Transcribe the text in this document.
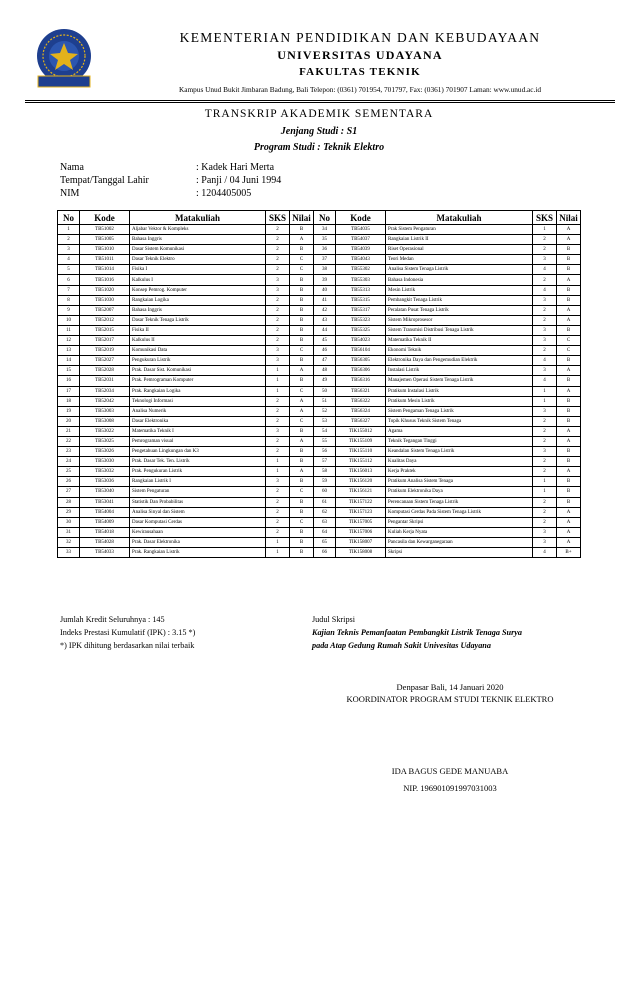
KEMENTERIAN PENDIDIKAN DAN KEBUDAYAAN
UNIVERSITAS UDAYANA
FAKULTAS TEKNIK
Kampus Unud Bukit Jimbaran Badung, Bali Telepon: (0361) 701954, 701797, Fax: (0361) 701907 Laman: www.unud.ac.id
TRANSKRIP AKADEMIK SEMENTARA
Jenjang Studi : S1
Program Studi : Teknik Elektro
Nama	: Kadek Hari Merta
Tempat/Tanggal Lahir	: Panji / 04 Juni 1994
NIM	: 1204405005
No	Kode	Matakuliah	SKS	Nilai	No	Kode	Matakuliah	SKS	Nilai
1	TB51002	Aljabar Vektor & Kompleks	2	B	34	TB54035	Prak Sistem Pengaturan	1	A
2	TB51005	Bahasa Inggris	2	A	35	TB54037	Rangkaian Listrik II	2	A
3	TB51010	Dasar Sistem Komunikasi	2	B	36	TB54039	Riset Operasional	2	B
4	TB51011	Dasar Teknik Elektro	2	C	37	TB54043	Teori Medan	3	B
5	TB51014	Fisika I	2	C	38	TB55302	Analisa Sistem Tenaga Listrik	4	B
6	TB51016	Kalkulus I	3	B	39	TB55303	Bahasa Indonesia	2	A
7	TB51020	Konsep Pemrog. Komputer	3	B	40	TB55313	Mesin Listrik	4	B
8	TB51030	Rangkaian Logika	2	B	41	TB55315	Pembangkit Tenaga Listrik	3	B
9	TB52007	Bahasa Inggris	2	B	42	TB55317	Peralatan Pusat Tenaga Listrik	2	A
10	TB52012	Dasar Teknik Tenaga Listrik	2	B	43	TB55323	Sistem Mikroprosesor	2	A
11	TB52015	Fisika II	2	B	44	TB55325	Sistem Transmisi Distribusi Tenaga Listrik	3	B
12	TB52017	Kalkulus II	2	B	45	TB54023	Matematika Teknik II	3	C
13	TB52019	Komunikasi Data	3	C	46	TB56104	Ekonomi Teknik	2	C
14	TB52027	Pengukuran Listrik	3	B	47	TB56305	Elektronika Daya dan Pengemudian Elektrik	4	B
15	TB52028	Prak. Dasar Sist. Komunikasi	1	A	48	TB56306	Instalasi Listrik	3	A
16	TB52031	Prak. Pemrograman Komputer	1	B	49	TB56316	Manajemen Operasi Sistem Tenaga Listrik	4	B
17	TB52034	Prak. Rangkaian Logika	1	C	50	TB56321	Pratikum Instalasi Listrik	1	A
18	TB52042	Teknologi Informasi	2	A	51	TB56322	Pratikum Mesin Listrik	1	B
19	TB53003	Analisa Numerik	2	A	52	TB56324	Sistem Pengaman Tenaga Listrik	3	B
20	TB53008	Dasar Elektronika	2	C	53	TB56327	Topik Khusus Teknik Sistem Tenaga	2	B
21	TB53022	Matematika Teknik I	3	B	54	TIK155012	Agama	2	A
22	TB53025	Pemrograman visual	2	A	55	TIK155109	Teknik Tegangan Tinggi	2	A
23	TB53026	Pengetahuan Lingkungan dan K3	2	B	56	TIK155110	Keandalan Sistem Tenaga Listrik	3	B
24	TB53030	Prak. Dasar Tek. Ten. Listrik	1	B	57	TIK155112	Kualitas Daya	2	B
25	TB53032	Prak. Pengukuran Listrik	1	A	58	TIK156013	Kerja Praktek	2	A
26	TB53036	Rangkaian Listrik I	3	B	59	TIK156120	Pratikum Analisa Sistem Tenaga	1	B
27	TB53040	Sistem Pengaturan	2	C	60	TIK156121	Pratikum Elektronika Daya	1	B
28	TB53041	Statistik Dan Probabilitas	2	B	61	TIK157122	Perencanaan Sistem Tenaga Listrik	2	B
29	TB54004	Analisa Sinyal dan Sistem	2	B	62	TIK157123	Komputasi Cerdas Pada Sistem Tenaga Listrik	2	A
30	TB54009	Dasar Komputasi Cerdas	2	C	63	TIK157005	Pengantar Skripsi	2	A
31	TB54018	Kewirausahaan	2	B	64	TIK157006	Kuliah Kerja Nyata	3	A
32	TB54028	Prak. Dasar Elektronika	1	B	65	TIK158007	Pancasila dan Kewarganegaraan	3	A
33	TB54033	Prak. Rangkaian Listrik	1	B	66	TIK158008	Skripsi	4	B+
Jumlah Kredit Seluruhnya : 145
Indeks Prestasi Kumulatif (IPK) : 3.15 *)
*) IPK dihitung berdasarkan nilai terbaik
Judul Skripsi
Kajian Teknis Pemanfaatan Pembangkit Listrik Tenaga Surya
pada Atap Gedung Rumah Sakit Univesitas Udayana
Denpasar Bali, 14 Januari 2020
KOORDINATOR PROGRAM STUDI TEKNIK ELEKTRO
IDA BAGUS GEDE MANUABA
NIP. 196901091997031003
